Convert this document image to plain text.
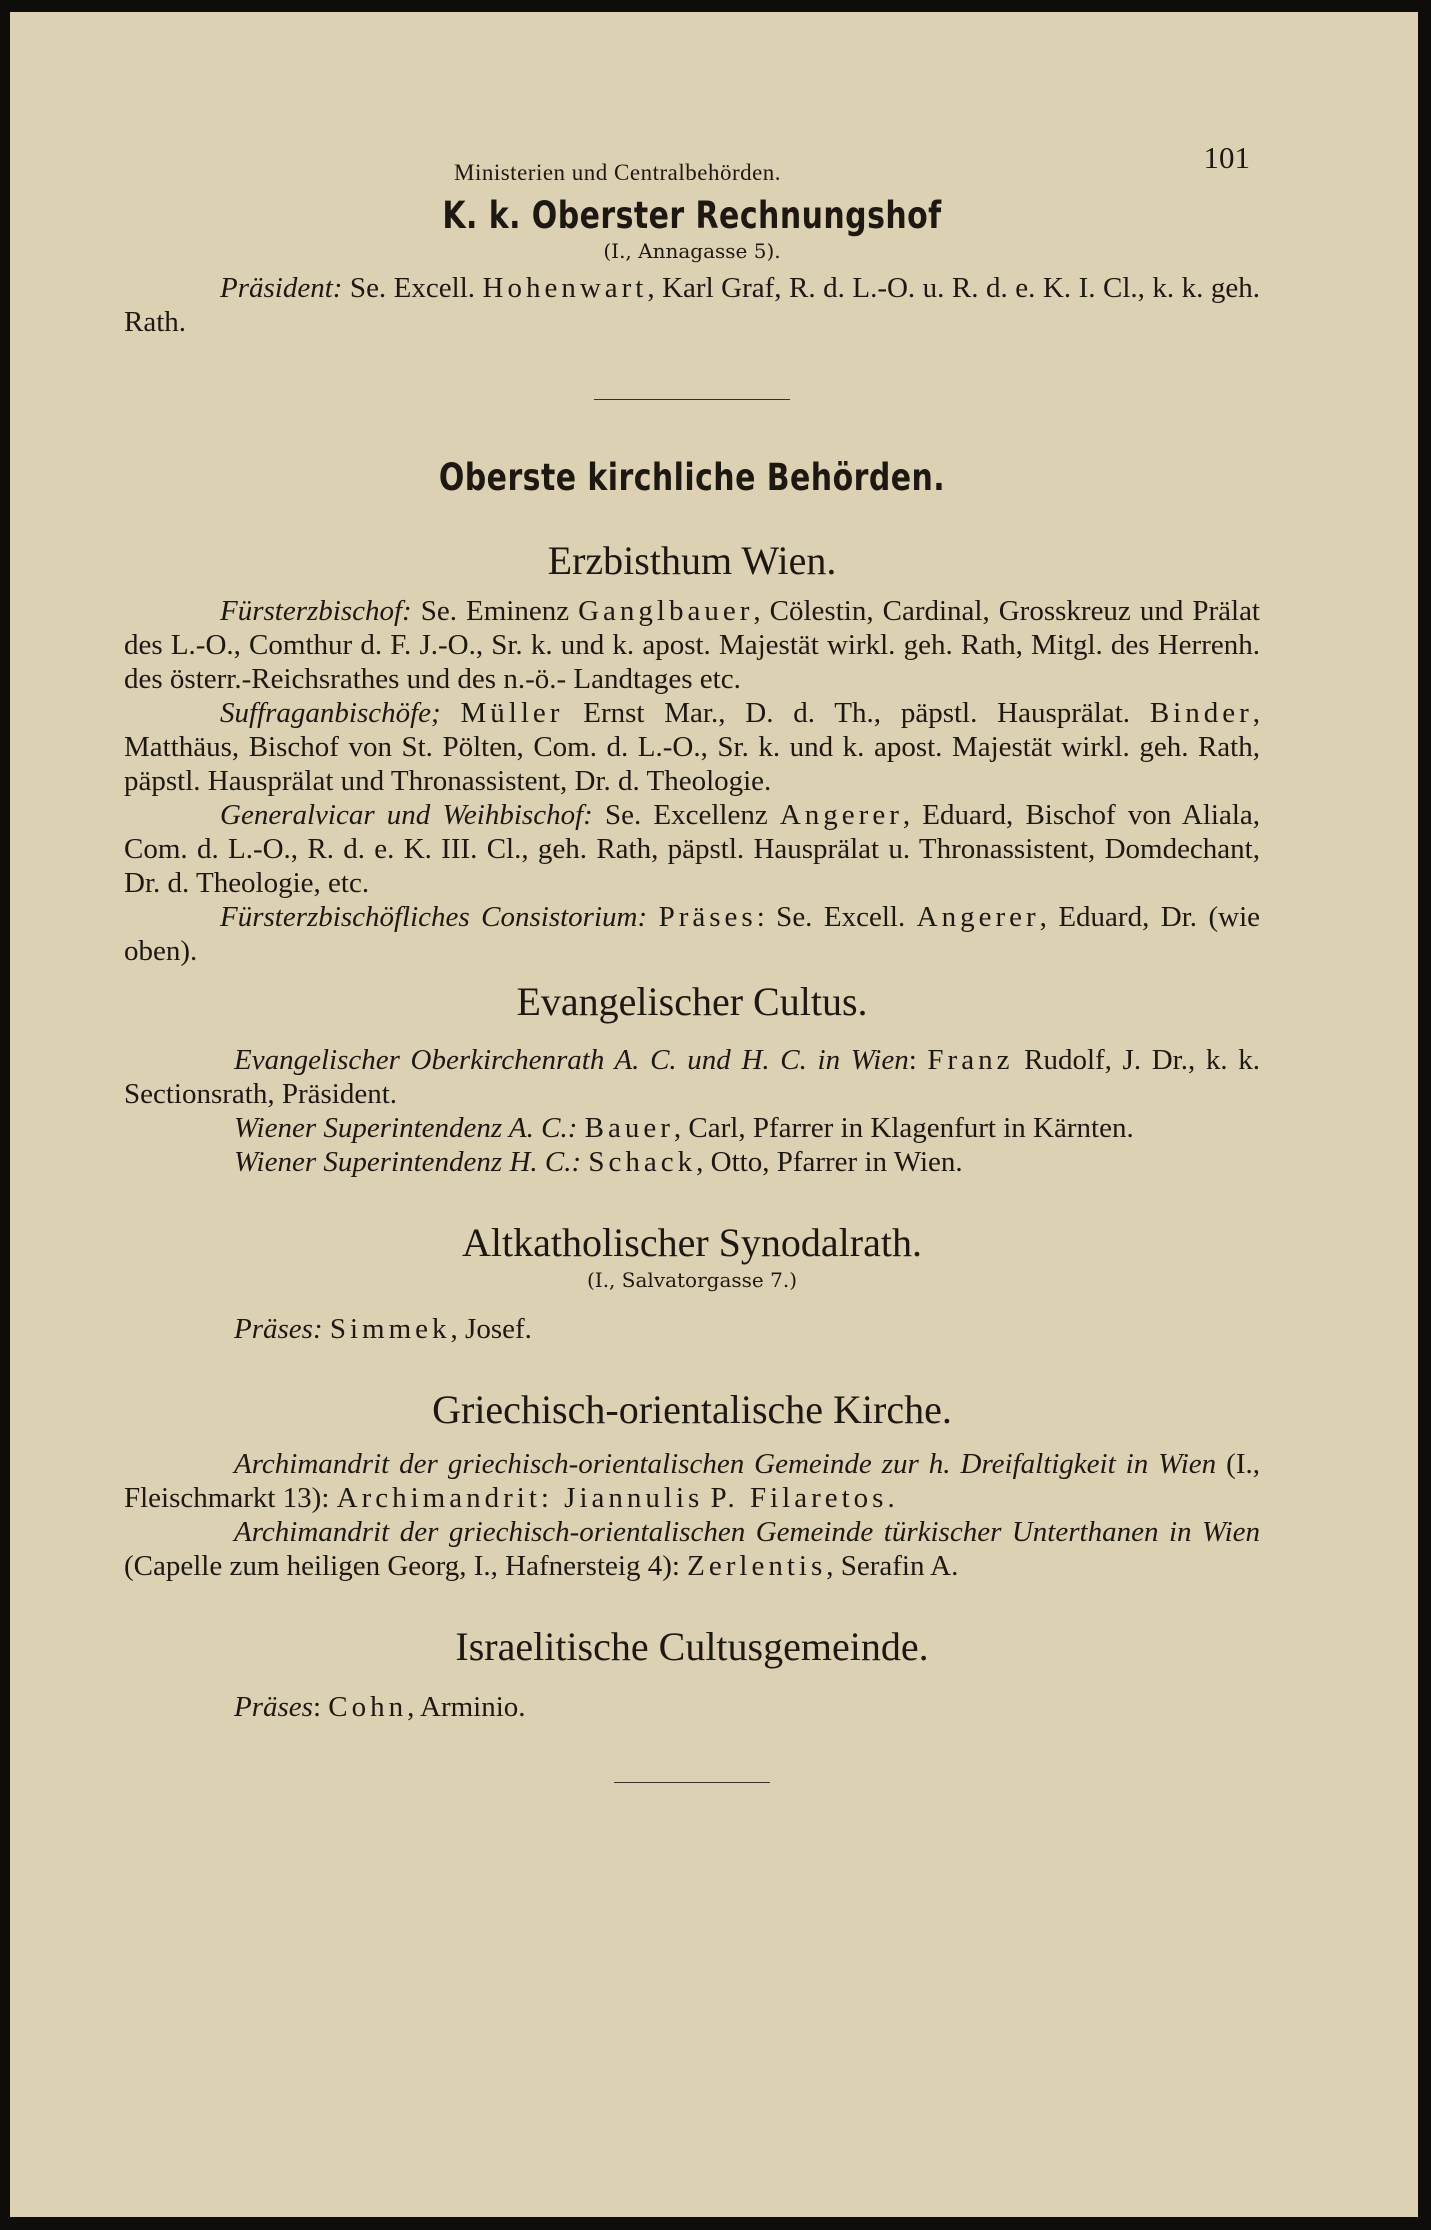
Ministerien und Centralbehörden.	101
K. k. Oberster Rechnungshof
(I., Annagasse 5).

Präsident: Se. Excell. Hohenwart, Karl Graf, R. d. L.-O. u. R. d. e. K. I. Cl., k. k. geh. Rath.

Oberste kirchliche Behörden.
Erzbisthum Wien.

Fürsterzbischof: Se. Eminenz Ganglbauer, Cölestin, Cardinal, Grosskreuz und Prälat des L.-O., Comthur d. F. J.-O., Sr. k. und k. apost. Majestät wirkl. geh. Rath, Mitgl. des Herrenh. des österr.-Reichsrathes und des n.-ö.- Landtages etc.

Suffraganbischöfe; Müller Ernst Mar., D. d. Th., päpstl. Hausprälat. Binder, Matthäus, Bischof von St. Pölten, Com. d. L.-O., Sr. k. und k. apost. Majestät wirkl. geh. Rath, päpstl. Hausprälat und Thronassistent, Dr. d. Theologie.

Generalvicar und Weihbischof: Se. Excellenz Angerer, Eduard, Bischof von Aliala, Com. d. L.-O., R. d. e. K. III. Cl., geh. Rath, päpstl. Hausprälat u. Thronassistent, Domdechant, Dr. d. Theologie, etc.

Fürsterzbischöfliches Consistorium: Präses: Se. Excell. Angerer, Eduard, Dr. (wie oben).

Evangelischer Cultus.

Evangelischer Oberkirchenrath A. C. und H. C. in Wien: Franz Rudolf, J. Dr., k. k. Sectionsrath, Präsident.

Wiener Superintendenz A. C.: Bauer, Carl, Pfarrer in Klagenfurt in Kärnten.

Wiener Superintendenz H. C.: Schack, Otto, Pfarrer in Wien.

Altkatholischer Synodalrath.
(I., Salvatorgasse 7.)

Präses: Simmek, Josef.

Griechisch-orientalische Kirche.

Archimandrit der griechisch-orientalischen Gemeinde zur h. Dreifaltigkeit in Wien (I., Fleischmarkt 13): Archimandrit: Jiannulis P. Filaretos.

Archimandrit der griechisch-orientalischen Gemeinde türkischer Unterthanen in Wien (Capelle zum heiligen Georg, I., Hafnersteig 4): Zerlentis, Serafin A.

Israelitische Cultusgemeinde.

Präses: Cohn, Arminio.
